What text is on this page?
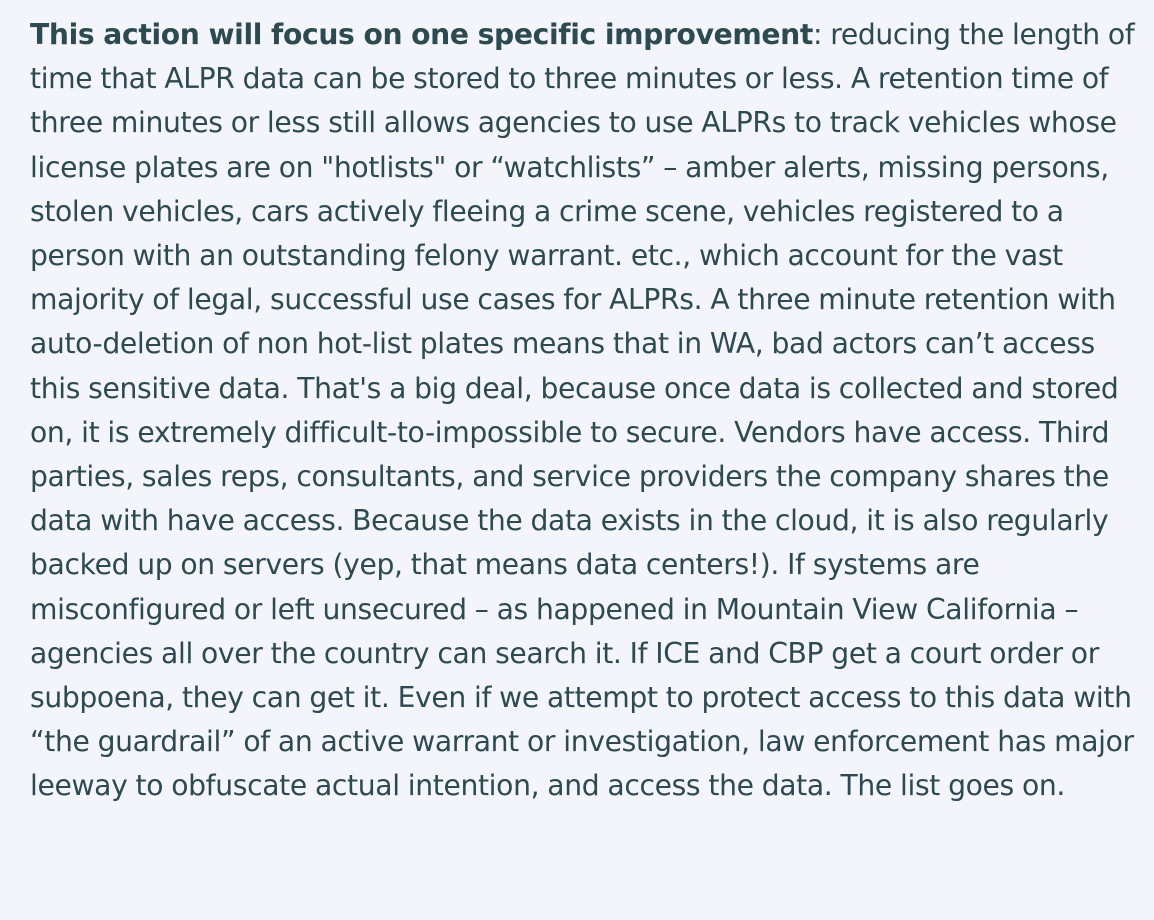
This action will focus on one specific improvement: reducing the length of time that ALPR data can be stored to three minutes or less. A retention time of three minutes or less still allows agencies to use ALPRs to track vehicles whose license plates are on "hotlists" or “watchlists” – amber alerts, missing persons, stolen vehicles, cars actively fleeing a crime scene, vehicles registered to a person with an outstanding felony warrant. etc., which account for the vast majority of legal, successful use cases for ALPRs. A three minute retention with auto-deletion of non hot-list plates means that in WA, bad actors can’t access this sensitive data. That's a big deal, because once data is collected and stored on, it is extremely difficult-to-impossible to secure. Vendors have access. Third parties, sales reps, consultants, and service providers the company shares the data with have access. Because the data exists in the cloud, it is also regularly backed up on servers (yep, that means data centers!). If systems are misconfigured or left unsecured – as happened in Mountain View California – agencies all over the country can search it. If ICE and CBP get a court order or subpoena, they can get it. Even if we attempt to protect access to this data with “the guardrail” of an active warrant or investigation, law enforcement has major leeway to obfuscate actual intention, and access the data. The list goes on.
